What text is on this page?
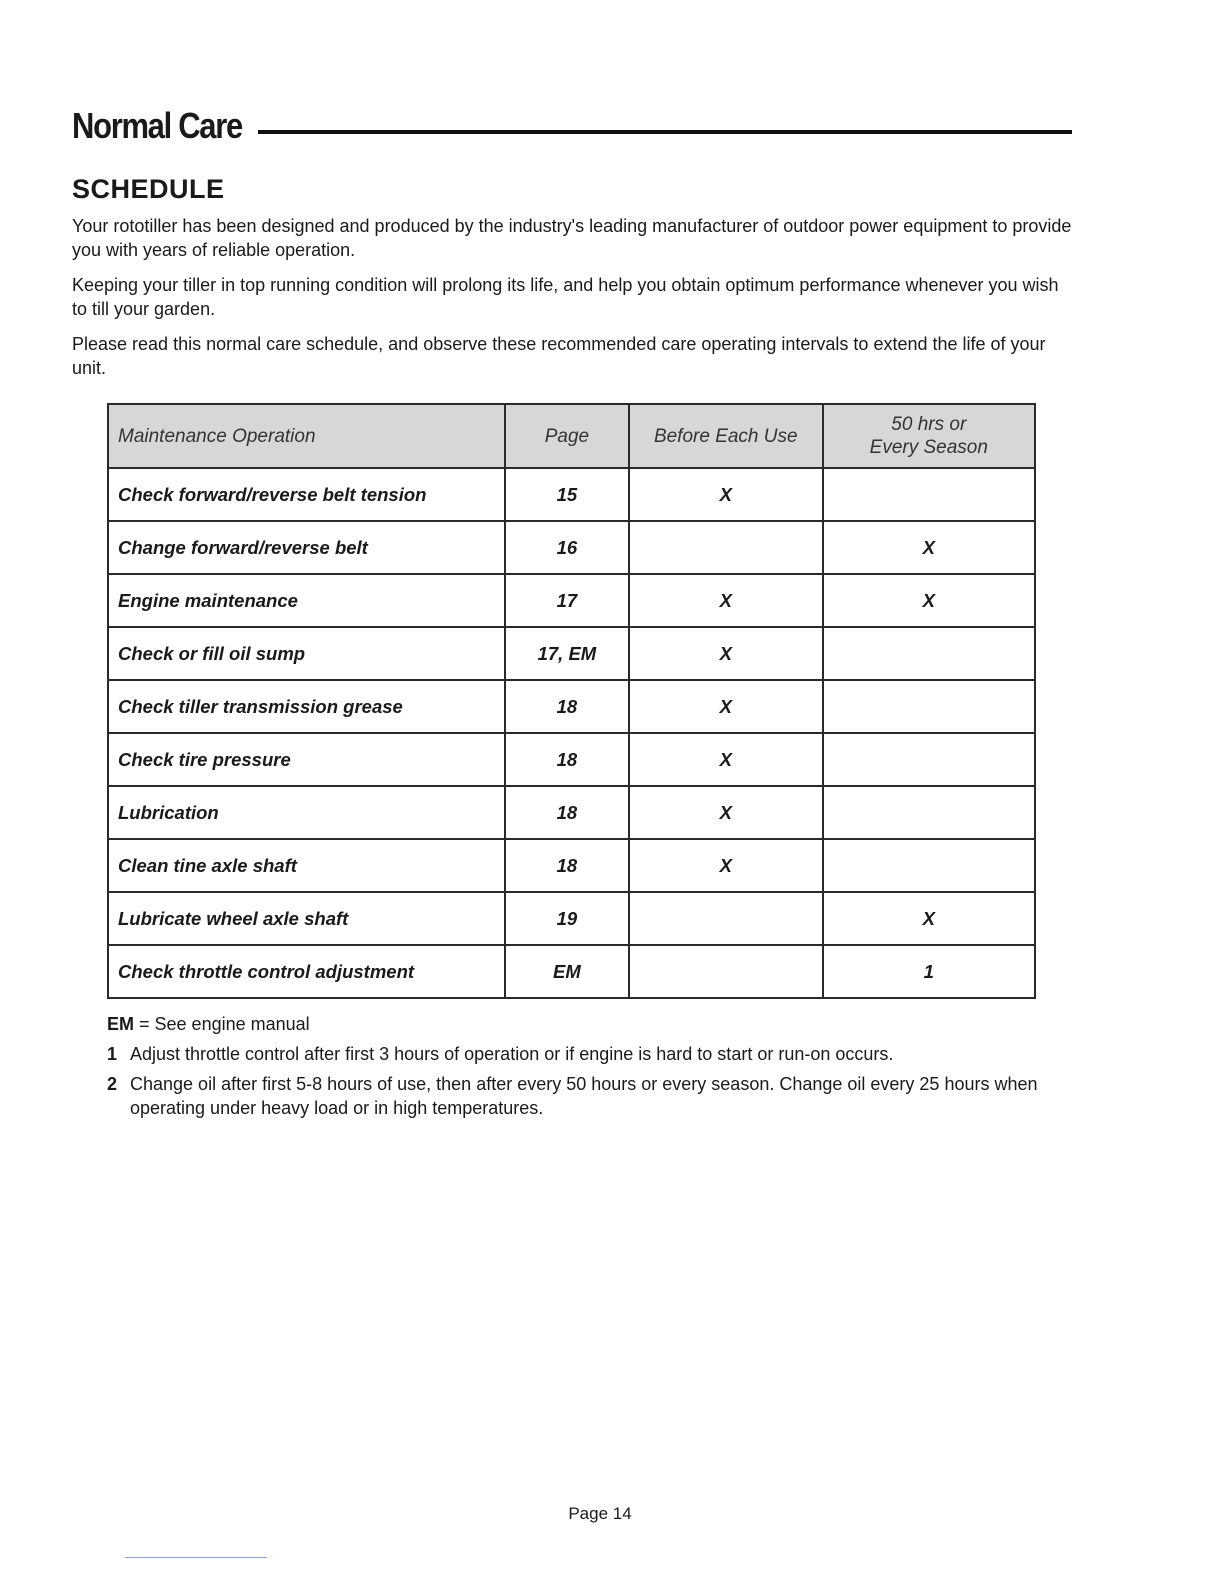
Normal Care
SCHEDULE

Your rototiller has been designed and produced by the industry's leading manufacturer of outdoor power equipment to provide you with years of reliable operation.

Keeping your tiller in top running condition will prolong its life, and help you obtain optimum performance whenever you wish to till your garden.

Please read this normal care schedule, and observe these recommended care operating intervals to extend the life of your unit.

Maintenance Operation	Page	Before Each Use	50 hrs or
Every Season
Check forward/reverse belt tension	15	X	
Change forward/reverse belt	16		X
Engine maintenance	17	X	X
Check or fill oil sump	17, EM	X	
Check tiller transmission grease	18	X	
Check tire pressure	18	X	
Lubrication	18	X	
Clean tine axle shaft	18	X	
Lubricate wheel axle shaft	19		X
Check throttle control adjustment	EM		1
EM = See engine manual
1 Adjust throttle control after first 3 hours of operation or if engine is hard to start or run-on occurs.
2 Change oil after first 5-8 hours of use, then after every 50 hours or every season. Change oil every 25 hours when operating under heavy load or in high temperatures.
Page 14
